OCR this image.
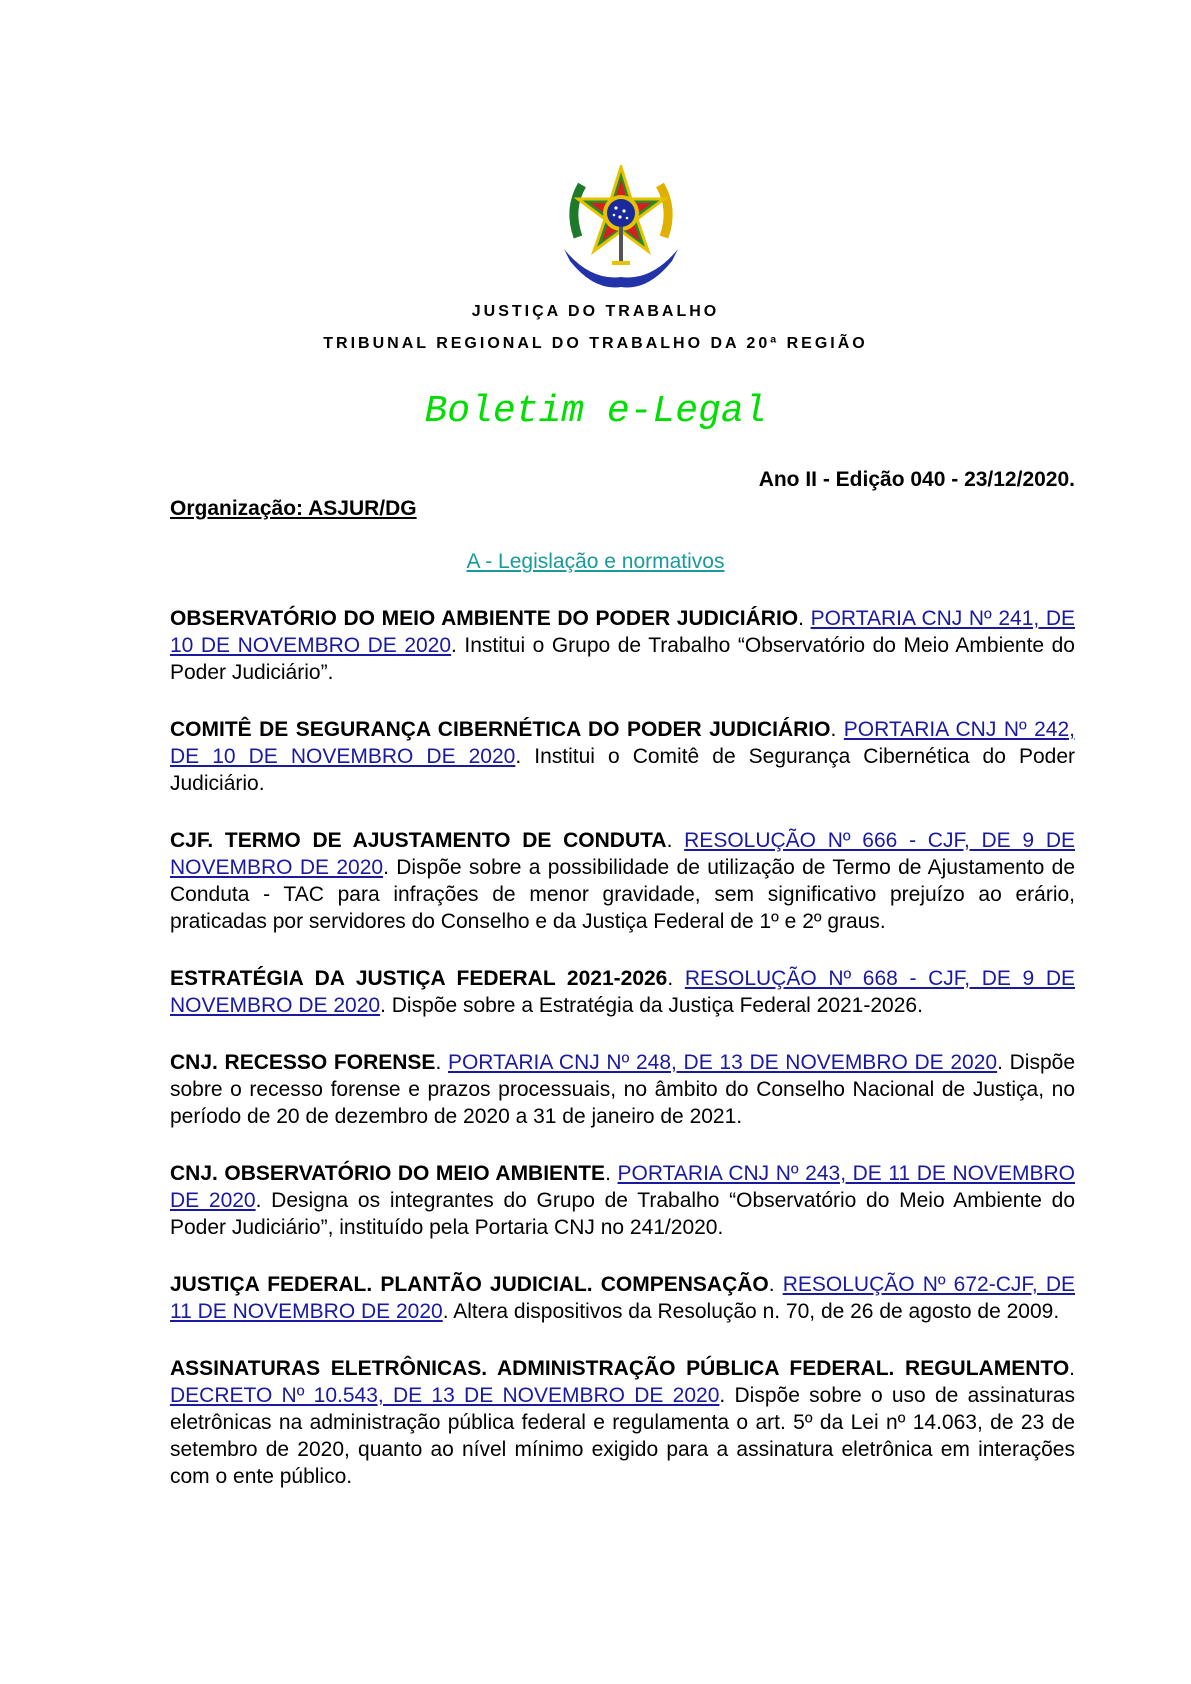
JUSTIÇA DO TRABALHO
TRIBUNAL REGIONAL DO TRABALHO DA 20ª REGIÃO
Boletim e-Legal
Ano II - Edição 040 - 23/12/2020.
Organização: ASJUR/DG
A - Legislação e normativos

OBSERVATÓRIO DO MEIO AMBIENTE DO PODER JUDICIÁRIO. PORTARIA CNJ Nº 241, DE 10 DE NOVEMBRO DE 2020. Institui o Grupo de Trabalho “Observatório do Meio Ambiente do Poder Judiciário”.

COMITÊ DE SEGURANÇA CIBERNÉTICA DO PODER JUDICIÁRIO. PORTARIA CNJ Nº 242, DE 10 DE NOVEMBRO DE 2020. Institui o Comitê de Segurança Cibernética do Poder Judiciário.

CJF. TERMO DE AJUSTAMENTO DE CONDUTA. RESOLUÇÃO Nº 666 - CJF, DE 9 DE NOVEMBRO DE 2020. Dispõe sobre a possibilidade de utilização de Termo de Ajustamento de Conduta - TAC para infrações de menor gravidade, sem significativo prejuízo ao erário, praticadas por servidores do Conselho e da Justiça Federal de 1º e 2º graus.

ESTRATÉGIA DA JUSTIÇA FEDERAL 2021-2026. RESOLUÇÃO Nº 668 - CJF, DE 9 DE NOVEMBRO DE 2020. Dispõe sobre a Estratégia da Justiça Federal 2021-2026.

CNJ. RECESSO FORENSE. PORTARIA CNJ Nº 248, DE 13 DE NOVEMBRO DE 2020. Dispõe sobre o recesso forense e prazos processuais, no âmbito do Conselho Nacional de Justiça, no período de 20 de dezembro de 2020 a 31 de janeiro de 2021.

CNJ. OBSERVATÓRIO DO MEIO AMBIENTE. PORTARIA CNJ Nº 243, DE 11 DE NOVEMBRO DE 2020. Designa os integrantes do Grupo de Trabalho “Observatório do Meio Ambiente do Poder Judiciário”, instituído pela Portaria CNJ no 241/2020.

JUSTIÇA FEDERAL. PLANTÃO JUDICIAL. COMPENSAÇÃO. RESOLUÇÃO Nº 672-CJF, DE 11 DE NOVEMBRO DE 2020. Altera dispositivos da Resolução n. 70, de 26 de agosto de 2009.

ASSINATURAS ELETRÔNICAS. ADMINISTRAÇÃO PÚBLICA FEDERAL. REGULAMENTO. DECRETO Nº 10.543, DE 13 DE NOVEMBRO DE 2020. Dispõe sobre o uso de assinaturas eletrônicas na administração pública federal e regulamenta o art. 5º da Lei nº 14.063, de 23 de setembro de 2020, quanto ao nível mínimo exigido para a assinatura eletrônica em interações com o ente público.
